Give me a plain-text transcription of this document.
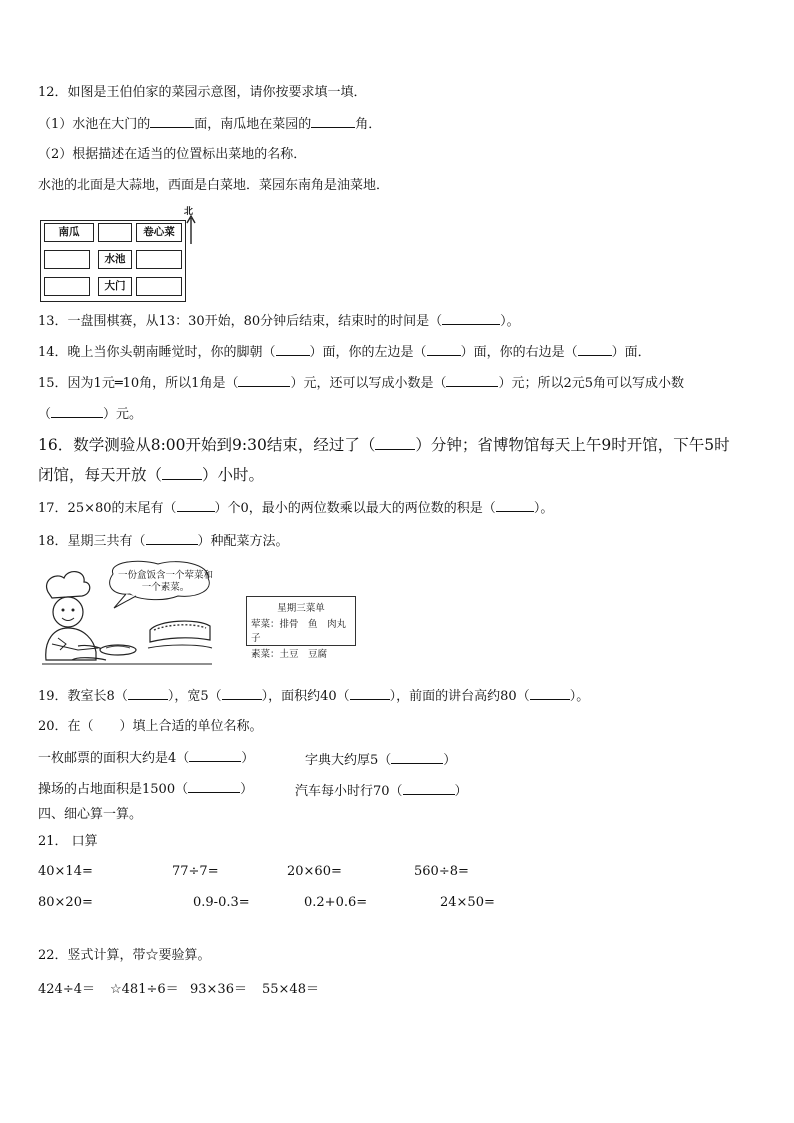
12．如图是王伯伯家的菜园示意图，请你按要求填一填．
（1）水池在大门的	面，南瓜地在菜园的	角．
（2）根据描述在适当的位置标出菜地的名称．
水池的北面是大蒜地，西面是白菜地．菜园东南角是油菜地．
南瓜	卷心菜
水池
大门
北
13．一盘围棋赛，从13：30开始，80分钟后结束，结束时的时间是（	）。
14．晚上当你头朝南睡觉时，你的脚朝（	）面，你的左边是（	）面，你的右边是（	）面．
15．因为1元═10角，所以1角是（	）元，还可以写成小数是（	）元；所以2元5角可以写成小数
（	）元。
16．数学测验从8:00开始到9:30结束，经过了（	）分钟；省博物馆每天上午9时开馆，下午5时
闭馆，每天开放（	）小时。
17．25×80的末尾有（	）个0，最小的两位数乘以最大的两位数的积是（	）。
18．星期三共有（	）种配菜方法。
一份盒饭含一个荤菜和一个素菜。
星期三菜单
荤菜：排骨　鱼　肉丸子
素菜：土豆　豆腐
19．教室长8（	），宽5（	），面积约40（	），前面的讲台高约80（	）。
20．在（　　）填上合适的单位名称。
一枚邮票的面积大约是4（	）	字典大约厚5（	）
操场的占地面积是1500（	）	汽车每小时行70（	）
四、细心算一算。
21． 口算
40×14=	77÷7=	20×60=	560÷8=
80×20=	0.9-0.3=	0.2+0.6=	24×50=
22．竖式计算，带☆要验算。
424÷4＝ ☆481÷6＝ 93×36＝ 55×48＝
